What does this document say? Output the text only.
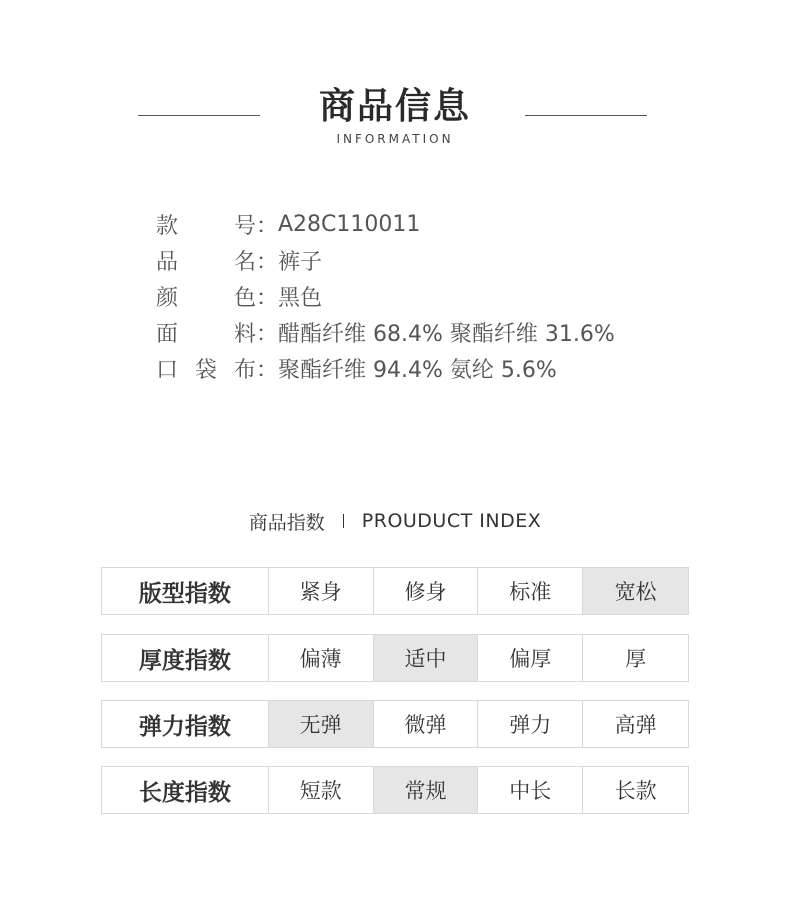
商品信息
INFORMATION
款	号： A28C110011
品	名： 裤子
颜	色： 黑色
面	料： 醋酯纤维 68.4% 聚酯纤维 31.6%
口 袋 布： 聚酯纤维 94.4% 氨纶 5.6%
商品指数 PROUDUCT INDEX
版型指数	紧身	修身	标准	宽松
厚度指数	偏薄	适中	偏厚	厚
弹力指数	无弹	微弹	弹力	高弹
长度指数	短款	常规	中长	长款
